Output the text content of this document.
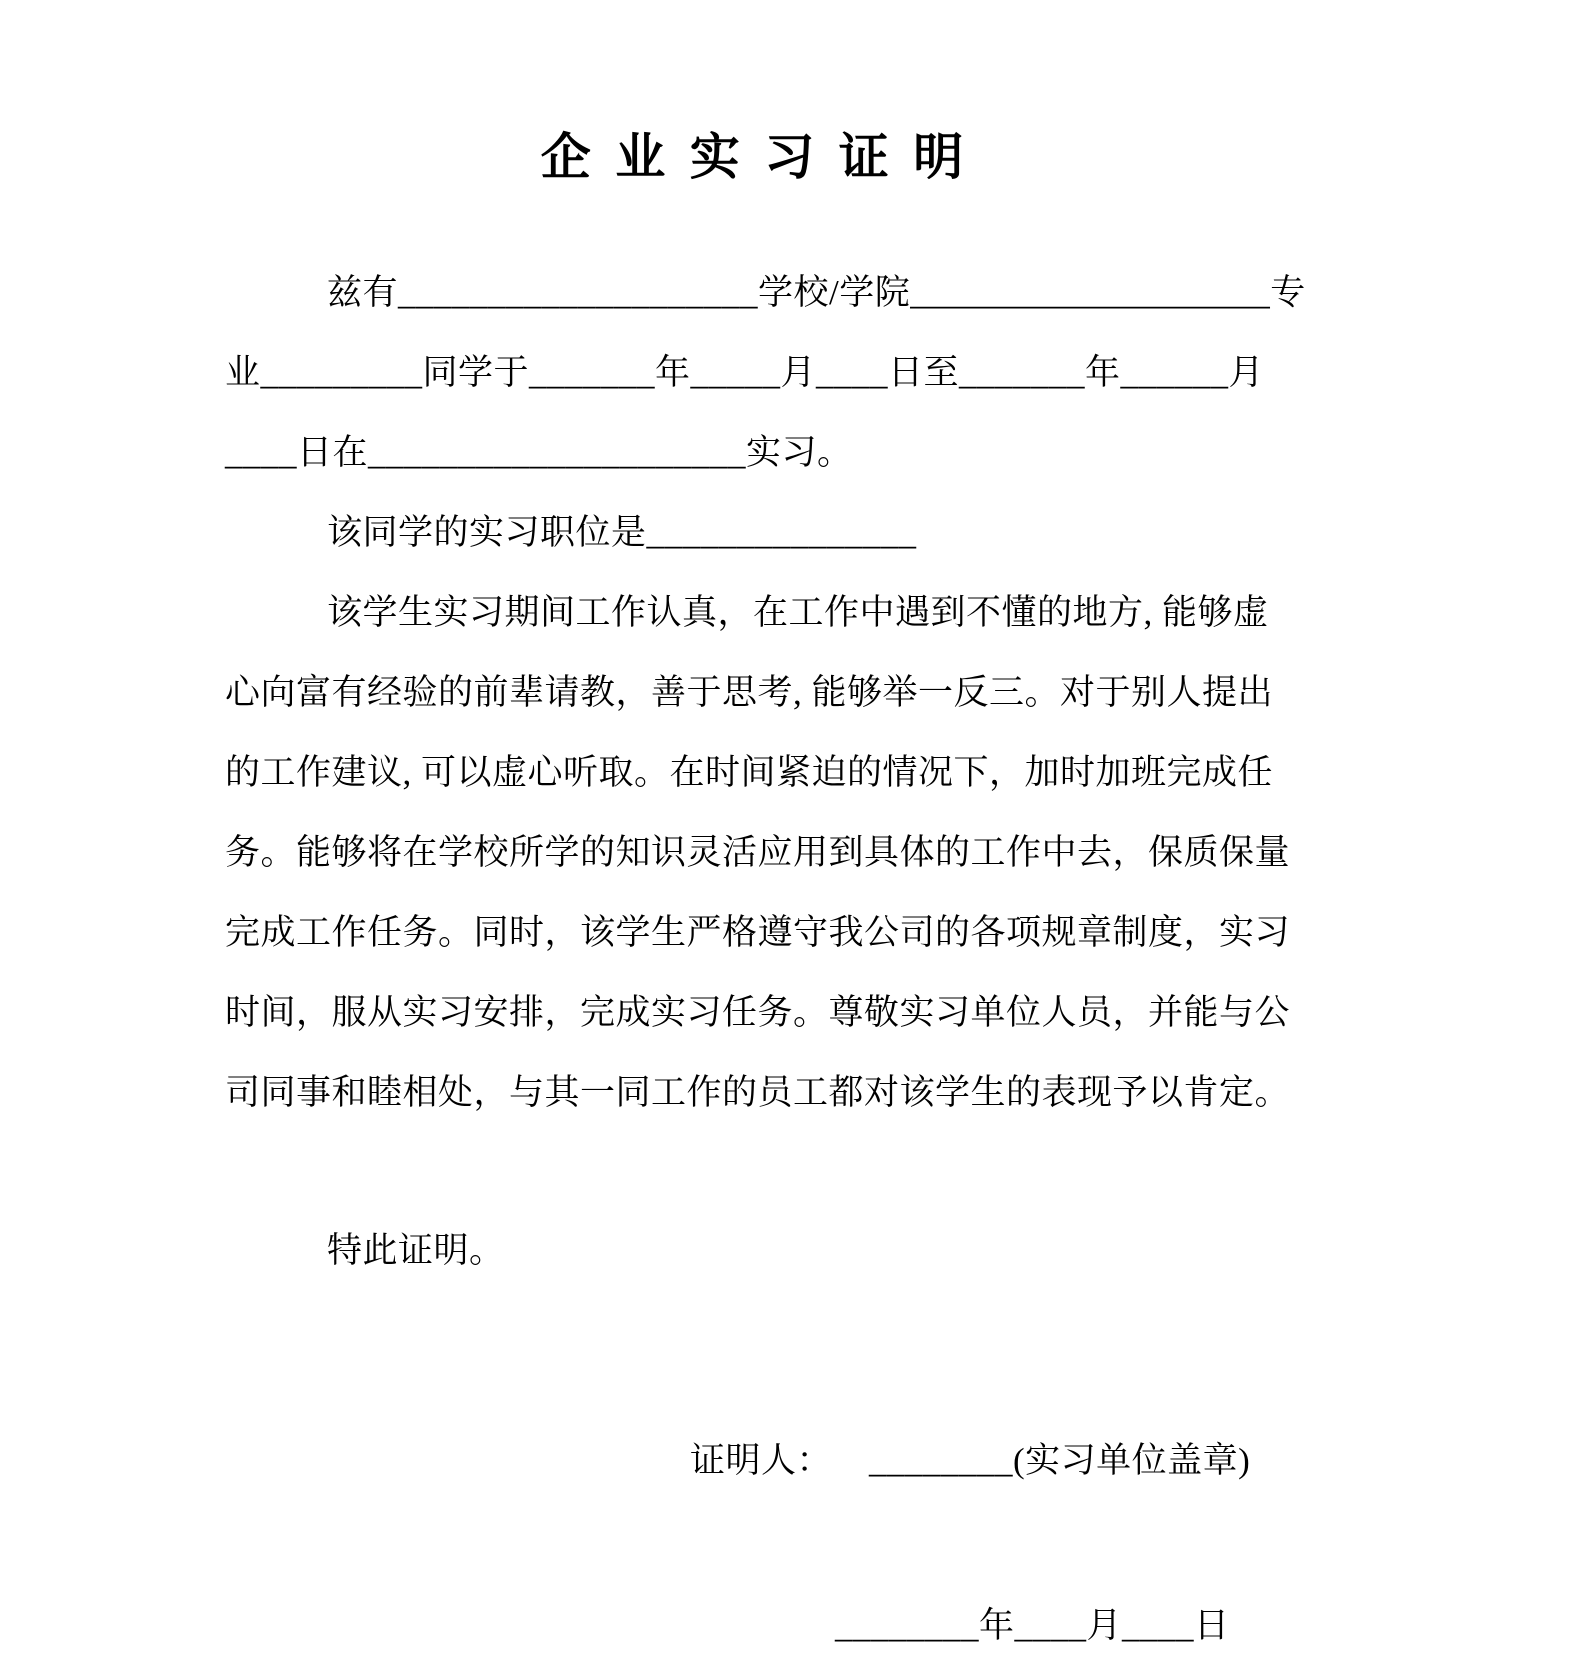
企 业 实 习 证 明
兹有____________________学校/学院____________________专
业_________同学于_______年_____月____日至_______年______月
____日在_____________________实习。
该同学的实习职位是_______________
该学生实习期间工作认真，在工作中遇到不懂的地方, 能够虚
心向富有经验的前辈请教，善于思考, 能够举一反三。对于别人提出
的工作建议, 可以虚心听取。在时间紧迫的情况下，加时加班完成任
务。能够将在学校所学的知识灵活应用到具体的工作中去，保质保量
完成工作任务。同时，该学生严格遵守我公司的各项规章制度，实习
时间，服从实习安排，完成实习任务。尊敬实习单位人员，并能与公
司同事和睦相处，与其一同工作的员工都对该学生的表现予以肯定。
特此证明。
证明人：    ________(实习单位盖章)
________年____月____日
